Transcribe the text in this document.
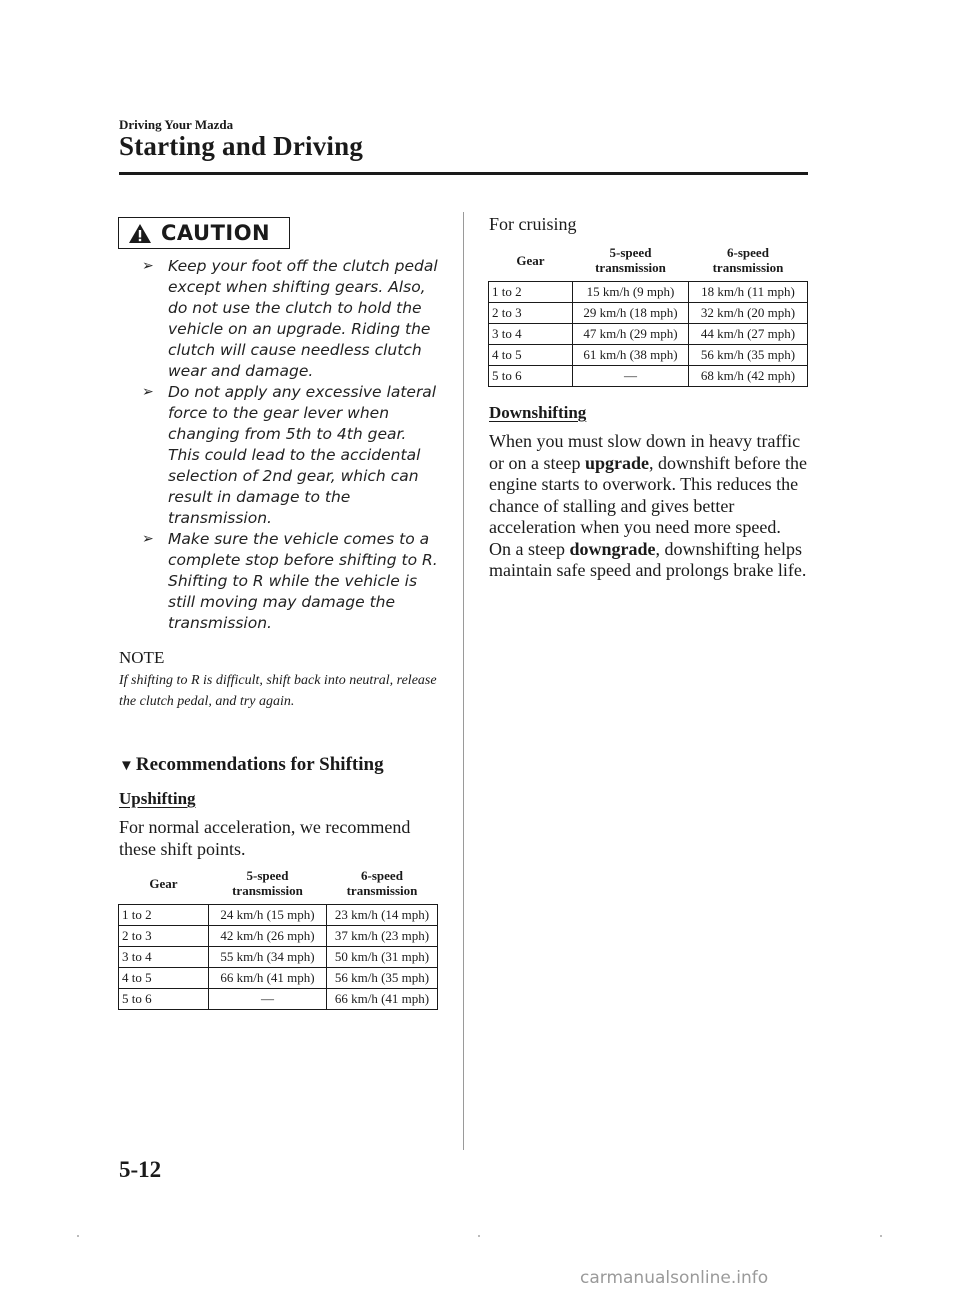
Driving Your Mazda
Starting and Driving
CAUTION
➢ Keep your foot off the clutch pedal except when shifting gears. Also, do not use the clutch to hold the vehicle on an upgrade. Riding the clutch will cause needless clutch wear and damage.
➢ Do not apply any excessive lateral force to the gear lever when changing from 5th to 4th gear. This could lead to the accidental selection of 2nd gear, which can result in damage to the transmission.
➢ Make sure the vehicle comes to a complete stop before shifting to R. Shifting to R while the vehicle is still moving may damage the transmission.
NOTE
If shifting to R is difficult, shift back into neutral, release the clutch pedal, and try again.
▼ Recommendations for Shifting
Upshifting
For normal acceleration, we recommend these shift points.
Gear	5-speed transmission	6-speed transmission
1 to 2	24 km/h (15 mph)	23 km/h (14 mph)
2 to 3	42 km/h (26 mph)	37 km/h (23 mph)
3 to 4	55 km/h (34 mph)	50 km/h (31 mph)
4 to 5	66 km/h (41 mph)	56 km/h (35 mph)
5 to 6	―	66 km/h (41 mph)
For cruising
Gear	5-speed transmission	6-speed transmission
1 to 2	15 km/h (9 mph)	18 km/h (11 mph)
2 to 3	29 km/h (18 mph)	32 km/h (20 mph)
3 to 4	47 km/h (29 mph)	44 km/h (27 mph)
4 to 5	61 km/h (38 mph)	56 km/h (35 mph)
5 to 6	―	68 km/h (42 mph)
Downshifting
When you must slow down in heavy traffic or on a steep upgrade, downshift before the engine starts to overwork. This reduces the chance of stalling and gives better acceleration when you need more speed.
On a steep downgrade, downshifting helps maintain safe speed and prolongs brake life.
5-12
carmanualsonline.info
